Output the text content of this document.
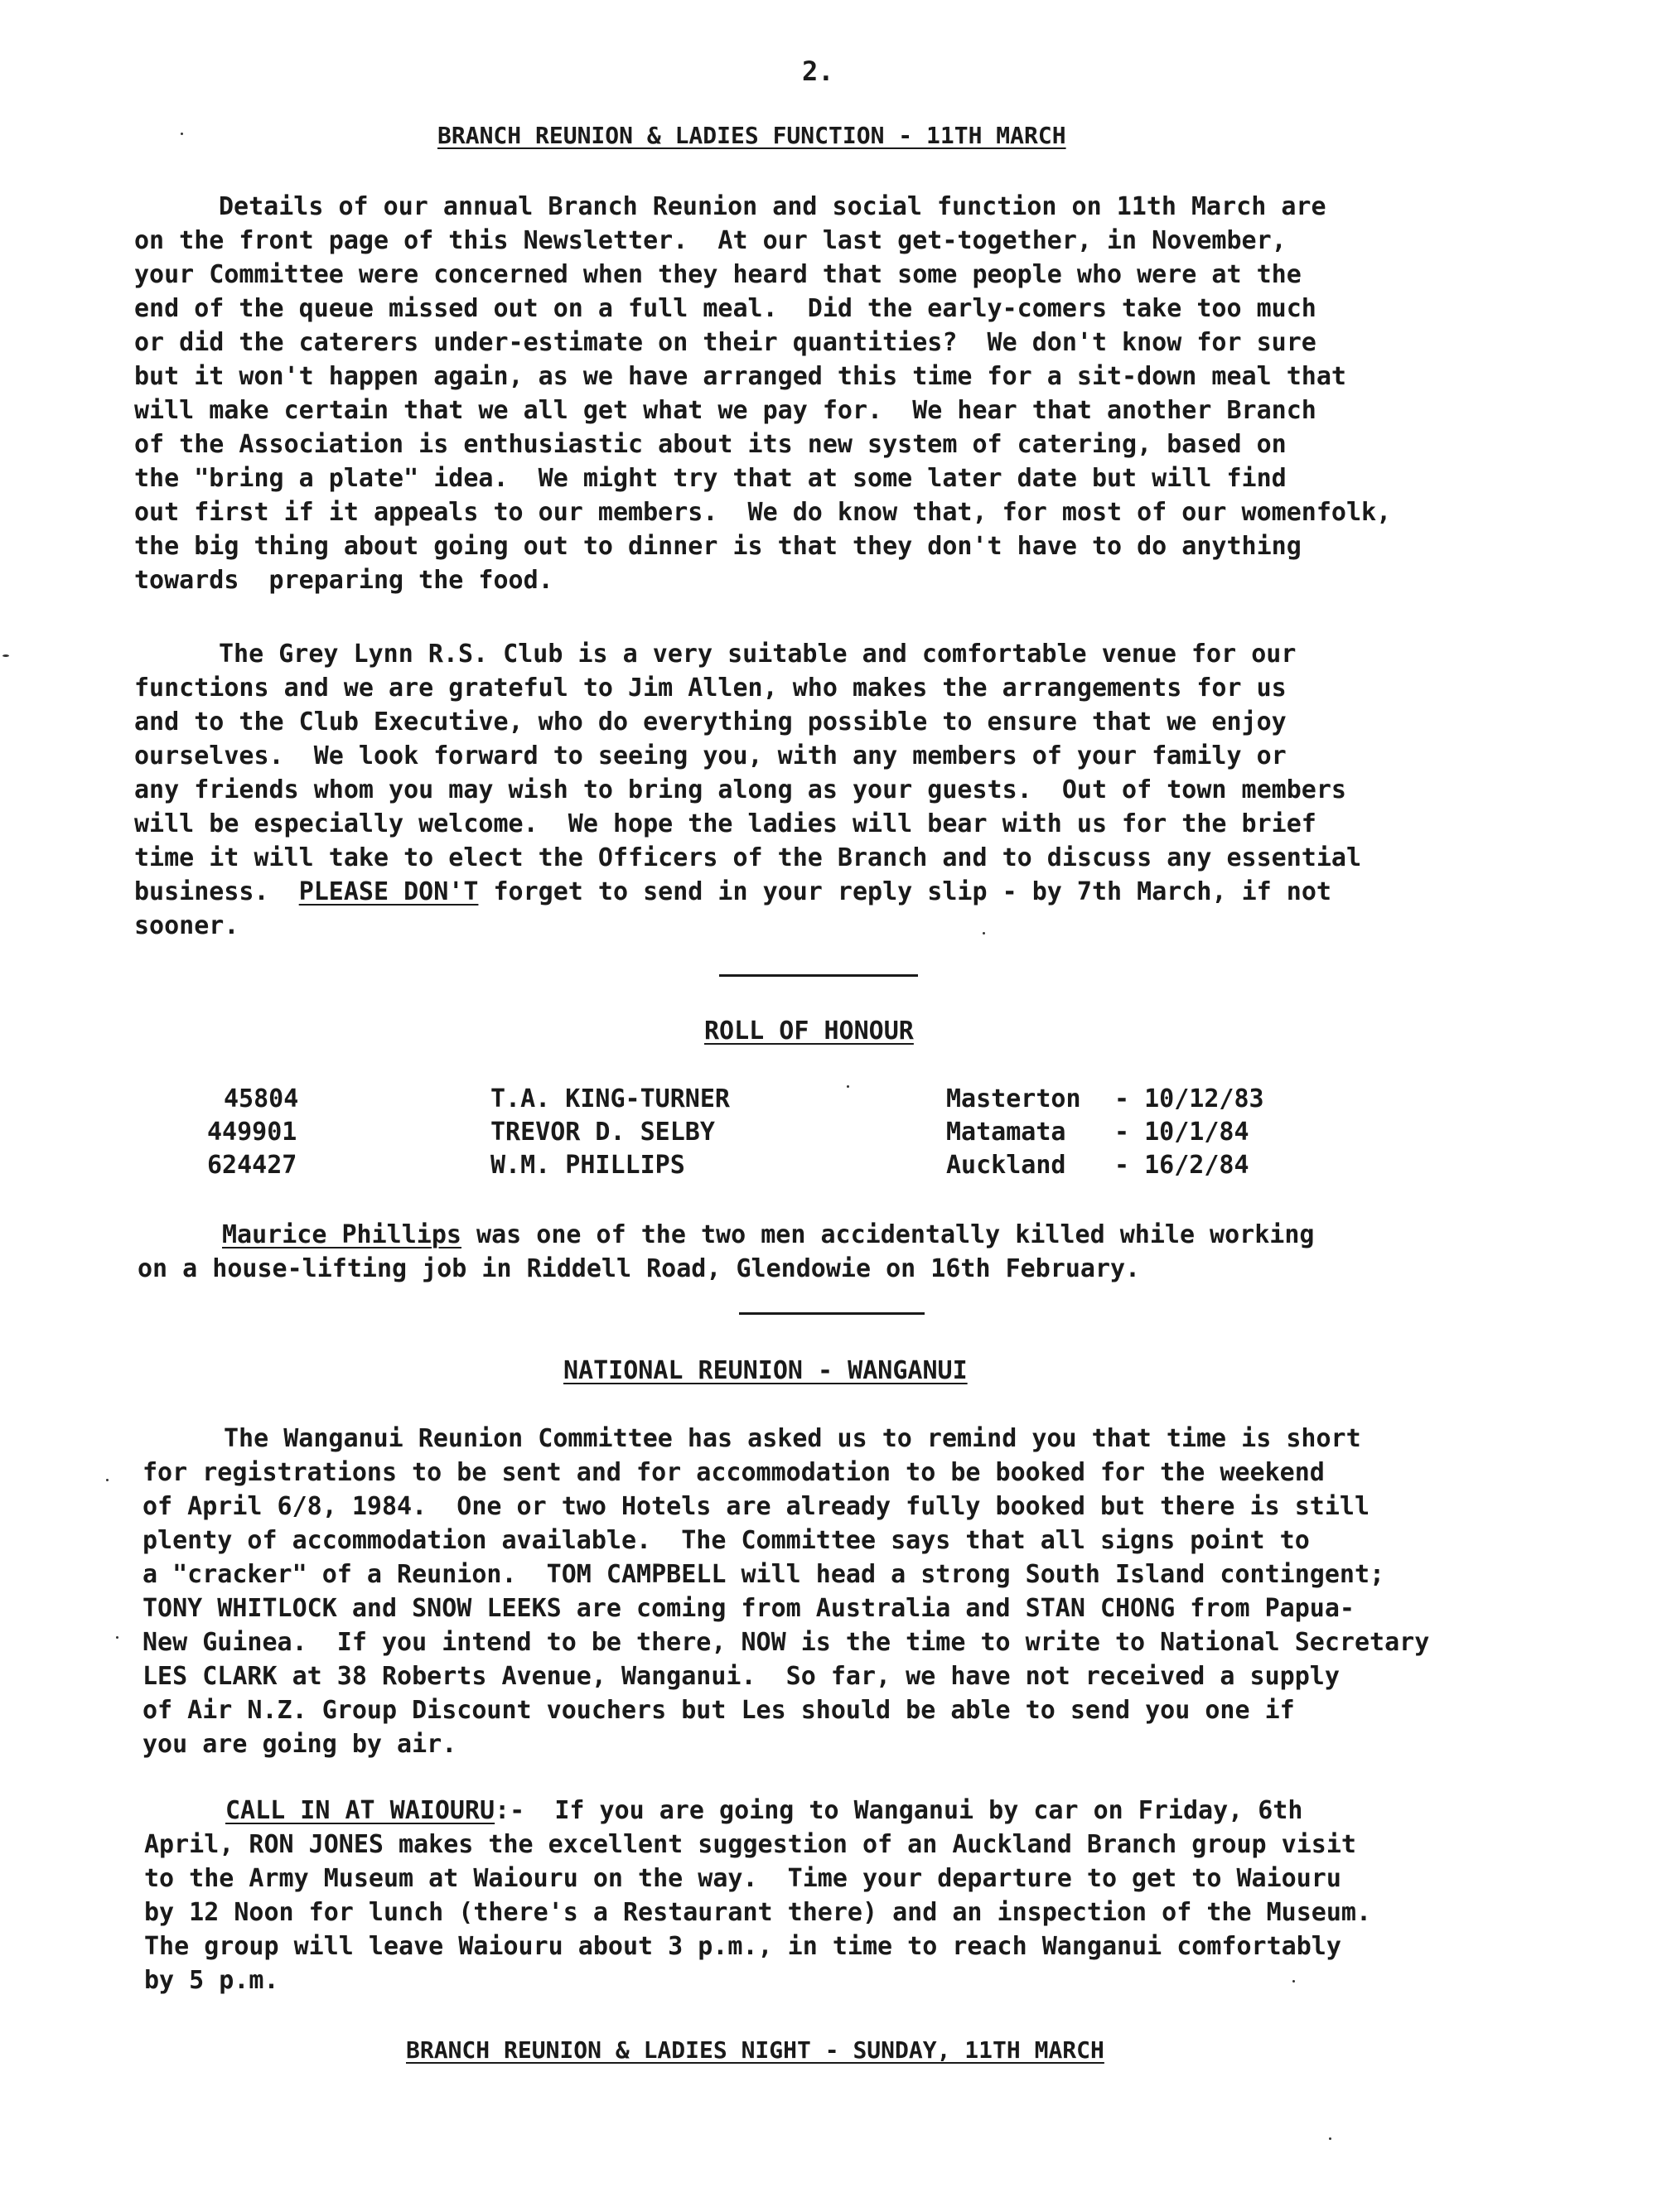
2.
BRANCH REUNION & LADIES FUNCTION - 11TH MARCH
Details of our annual Branch Reunion and social function on 11th March are
on the front page of this Newsletter.  At our last get-together, in November,
your Committee were concerned when they heard that some people who were at the
end of the queue missed out on a full meal.  Did the early-comers take too much
or did the caterers under-estimate on their quantities?  We don't know for sure
but it won't happen again, as we have arranged this time for a sit-down meal that
will make certain that we all get what we pay for.  We hear that another Branch
of the Association is enthusiastic about its new system of catering, based on
the "bring a plate" idea.  We might try that at some later date but will find
out first if it appeals to our members.  We do know that, for most of our womenfolk,
the big thing about going out to dinner is that they don't have to do anything
towards  preparing the food.
The Grey Lynn R.S. Club is a very suitable and comfortable venue for our
functions and we are grateful to Jim Allen, who makes the arrangements for us
and to the Club Executive, who do everything possible to ensure that we enjoy
ourselves.  We look forward to seeing you, with any members of your family or
any friends whom you may wish to bring along as your guests.  Out of town members
will be especially welcome.  We hope the ladies will bear with us for the brief
time it will take to elect the Officers of the Branch and to discuss any essential
business.  PLEASE DON'T forget to send in your reply slip - by 7th March, if not
sooner.
ROLL OF HONOUR
45804	T.A. KING-TURNER	Masterton - 10/12/83
449901	TREVOR D. SELBY	Matamata - 10/1/84
624427	W.M. PHILLIPS	Auckland - 16/2/84
Maurice Phillips was one of the two men accidentally killed while working
on a house-lifting job in Riddell Road, Glendowie on 16th February.
NATIONAL REUNION - WANGANUI
The Wanganui Reunion Committee has asked us to remind you that time is short
for registrations to be sent and for accommodation to be booked for the weekend
of April 6/8, 1984.  One or two Hotels are already fully booked but there is still
plenty of accommodation available.  The Committee says that all signs point to
a "cracker" of a Reunion.  TOM CAMPBELL will head a strong South Island contingent;
TONY WHITLOCK and SNOW LEEKS are coming from Australia and STAN CHONG from Papua-
New Guinea.  If you intend to be there, NOW is the time to write to National Secretary
LES CLARK at 38 Roberts Avenue, Wanganui.  So far, we have not received a supply
of Air N.Z. Group Discount vouchers but Les should be able to send you one if
you are going by air.
CALL IN AT WAIOURU:-  If you are going to Wanganui by car on Friday, 6th
April, RON JONES makes the excellent suggestion of an Auckland Branch group visit
to the Army Museum at Waiouru on the way.  Time your departure to get to Waiouru
by 12 Noon for lunch (there's a Restaurant there) and an inspection of the Museum.
The group will leave Waiouru about 3 p.m., in time to reach Wanganui comfortably
by 5 p.m.
BRANCH REUNION & LADIES NIGHT - SUNDAY, 11TH MARCH
